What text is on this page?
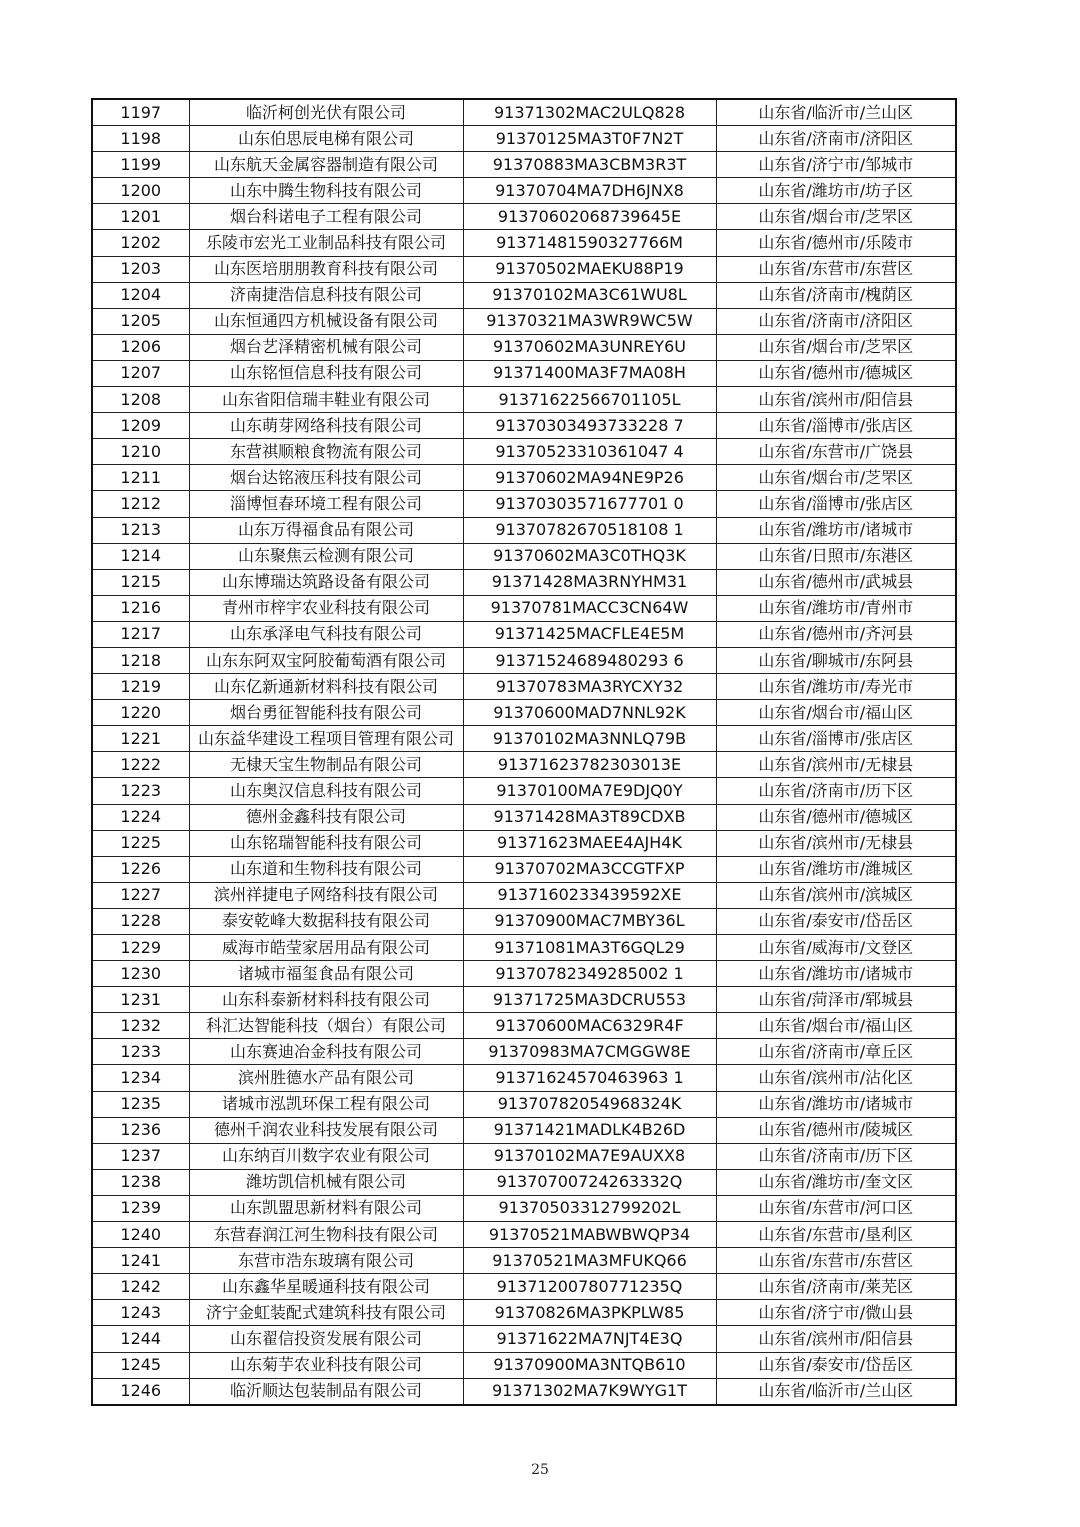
1197	临沂柯创光伏有限公司	91371302MAC2ULQ828	山东省/临沂市/兰山区
1198	山东伯思辰电梯有限公司	91370125MA3T0F7N2T	山东省/济南市/济阳区
1199	山东航天金属容器制造有限公司	91370883MA3CBM3R3T	山东省/济宁市/邹城市
1200	山东中腾生物科技有限公司	91370704MA7DH6JNX8	山东省/潍坊市/坊子区
1201	烟台科诺电子工程有限公司	91370602068739645E	山东省/烟台市/芝罘区
1202	乐陵市宏光工业制品科技有限公司	91371481590327766M	山东省/德州市/乐陵市
1203	山东医培朋朋教育科技有限公司	91370502MAEKU88P19	山东省/东营市/东营区
1204	济南捷浩信息科技有限公司	91370102MA3C61WU8L	山东省/济南市/槐荫区
1205	山东恒通四方机械设备有限公司	91370321MA3WR9WC5W	山东省/济南市/济阳区
1206	烟台艺泽精密机械有限公司	91370602MA3UNREY6U	山东省/烟台市/芝罘区
1207	山东铭恒信息科技有限公司	91371400MA3F7MA08H	山东省/德州市/德城区
1208	山东省阳信瑞丰鞋业有限公司	91371622566701105L	山东省/滨州市/阳信县
1209	山东萌芽网络科技有限公司	91370303493733228 7	山东省/淄博市/张店区
1210	东营祺顺粮食物流有限公司	91370523310361047 4	山东省/东营市/广饶县
1211	烟台达铭液压科技有限公司	91370602MA94NE9P26	山东省/烟台市/芝罘区
1212	淄博恒春环境工程有限公司	91370303571677701 0	山东省/淄博市/张店区
1213	山东万得福食品有限公司	91370782670518108 1	山东省/潍坊市/诸城市
1214	山东聚焦云检测有限公司	91370602MA3C0THQ3K	山东省/日照市/东港区
1215	山东博瑞达筑路设备有限公司	91371428MA3RNYHM31	山东省/德州市/武城县
1216	青州市梓宇农业科技有限公司	91370781MACC3CN64W	山东省/潍坊市/青州市
1217	山东承泽电气科技有限公司	91371425MACFLE4E5M	山东省/德州市/齐河县
1218	山东东阿双宝阿胶葡萄酒有限公司	91371524689480293 6	山东省/聊城市/东阿县
1219	山东亿新通新材料科技有限公司	91370783MA3RYCXY32	山东省/潍坊市/寿光市
1220	烟台勇征智能科技有限公司	91370600MAD7NNL92K	山东省/烟台市/福山区
1221	山东益华建设工程项目管理有限公司	91370102MA3NNLQ79B	山东省/淄博市/张店区
1222	无棣天宝生物制品有限公司	91371623782303013E	山东省/滨州市/无棣县
1223	山东奥汉信息科技有限公司	91370100MA7E9DJQ0Y	山东省/济南市/历下区
1224	德州金鑫科技有限公司	91371428MA3T89CDXB	山东省/德州市/德城区
1225	山东铭瑞智能科技有限公司	91371623MAEE4AJH4K	山东省/滨州市/无棣县
1226	山东道和生物科技有限公司	91370702MA3CCGTFXP	山东省/潍坊市/潍城区
1227	滨州祥捷电子网络科技有限公司	9137160233439592XE	山东省/滨州市/滨城区
1228	泰安乾峰大数据科技有限公司	91370900MAC7MBY36L	山东省/泰安市/岱岳区
1229	威海市皓莹家居用品有限公司	91371081MA3T6GQL29	山东省/威海市/文登区
1230	诸城市福玺食品有限公司	91370782349285002 1	山东省/潍坊市/诸城市
1231	山东科泰新材料科技有限公司	91371725MA3DCRU553	山东省/菏泽市/郓城县
1232	科汇达智能科技（烟台）有限公司	91370600MAC6329R4F	山东省/烟台市/福山区
1233	山东赛迪冶金科技有限公司	91370983MA7CMGGW8E	山东省/济南市/章丘区
1234	滨州胜德水产品有限公司	91371624570463963 1	山东省/滨州市/沾化区
1235	诸城市泓凯环保工程有限公司	91370782054968324K	山东省/潍坊市/诸城市
1236	德州千润农业科技发展有限公司	91371421MADLK4B26D	山东省/德州市/陵城区
1237	山东纳百川数字农业有限公司	91370102MA7E9AUXX8	山东省/济南市/历下区
1238	潍坊凯信机械有限公司	91370700724263332Q	山东省/潍坊市/奎文区
1239	山东凯盟思新材料有限公司	91370503312799202L	山东省/东营市/河口区
1240	东营春润江河生物科技有限公司	91370521MABWBWQP34	山东省/东营市/垦利区
1241	东营市浩东玻璃有限公司	91370521MA3MFUKQ66	山东省/东营市/东营区
1242	山东鑫华星暖通科技有限公司	91371200780771235Q	山东省/济南市/莱芜区
1243	济宁金虹装配式建筑科技有限公司	91370826MA3PKPLW85	山东省/济宁市/微山县
1244	山东翟信投资发展有限公司	91371622MA7NJT4E3Q	山东省/滨州市/阳信县
1245	山东菊芋农业科技有限公司	91370900MA3NTQB610	山东省/泰安市/岱岳区
1246	临沂顺达包装制品有限公司	91371302MA7K9WYG1T	山东省/临沂市/兰山区
25
